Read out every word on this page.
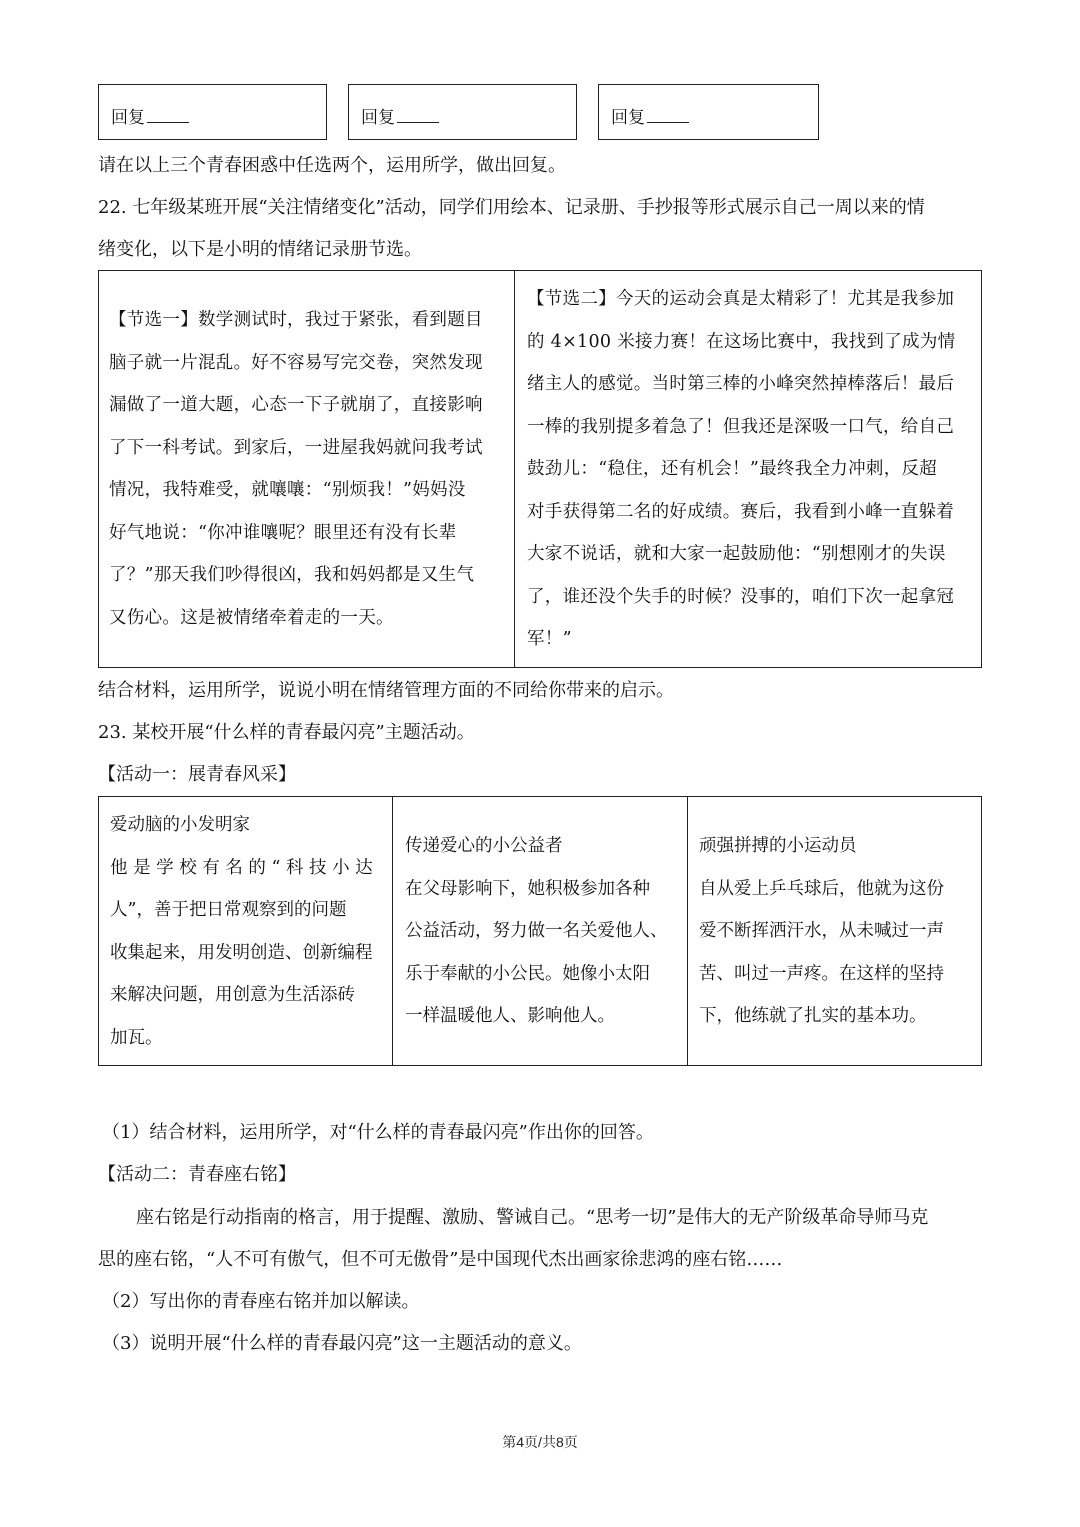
回复	回复	回复
请在以上三个青春困惑中任选两个，运用所学，做出回复。
22. 七年级某班开展“关注情绪变化”活动，同学们用绘本、记录册、手抄报等形式展示自己一周以来的情
绪变化，以下是小明的情绪记录册节选。
【节选一】数学测试时，我过于紧张，看到题目
脑子就一片混乱。好不容易写完交卷，突然发现
漏做了一道大题，心态一下子就崩了，直接影响
了下一科考试。到家后，一进屋我妈就问我考试
情况，我特难受，就嚷嚷：“别烦我！”妈妈没
好气地说：“你冲谁嚷呢？眼里还有没有长辈
了？”那天我们吵得很凶，我和妈妈都是又生气
又伤心。这是被情绪牵着走的一天。
【节选二】今天的运动会真是太精彩了！尤其是我参加
的 4×100 米接力赛！在这场比赛中，我找到了成为情
绪主人的感觉。当时第三棒的小峰突然掉棒落后！最后
一棒的我别提多着急了！但我还是深吸一口气，给自己
鼓劲儿：“稳住，还有机会！”最终我全力冲刺，反超
对手获得第二名的好成绩。赛后，我看到小峰一直躲着
大家不说话，就和大家一起鼓励他：“别想刚才的失误
了，谁还没个失手的时候？没事的，咱们下次一起拿冠
军！”
结合材料，运用所学，说说小明在情绪管理方面的不同给你带来的启示。
23. 某校开展“什么样的青春最闪亮”主题活动。
【活动一：展青春风采】
爱动脑的小发明家
他 是 学 校 有 名 的 “ 科 技 小 达
人”，善于把日常观察到的问题
收集起来，用发明创造、创新编程
来解决问题，用创意为生活添砖
加瓦。
传递爱心的小公益者
在父母影响下，她积极参加各种
公益活动，努力做一名关爱他人、
乐于奉献的小公民。她像小太阳
一样温暖他人、影响他人。
顽强拼搏的小运动员
自从爱上乒乓球后，他就为这份
爱不断挥洒汗水，从未喊过一声
苦、叫过一声疼。在这样的坚持
下，他练就了扎实的基本功。
（1）结合材料，运用所学，对“什么样的青春最闪亮”作出你的回答。
【活动二：青春座右铭】
座右铭是行动指南的格言，用于提醒、激励、警诫自己。“思考一切”是伟大的无产阶级革命导师马克
思的座右铭，“人不可有傲气，但不可无傲骨”是中国现代杰出画家徐悲鸿的座右铭……
（2）写出你的青春座右铭并加以解读。
（3）说明开展“什么样的青春最闪亮”这一主题活动的意义。
第4页/共8页
